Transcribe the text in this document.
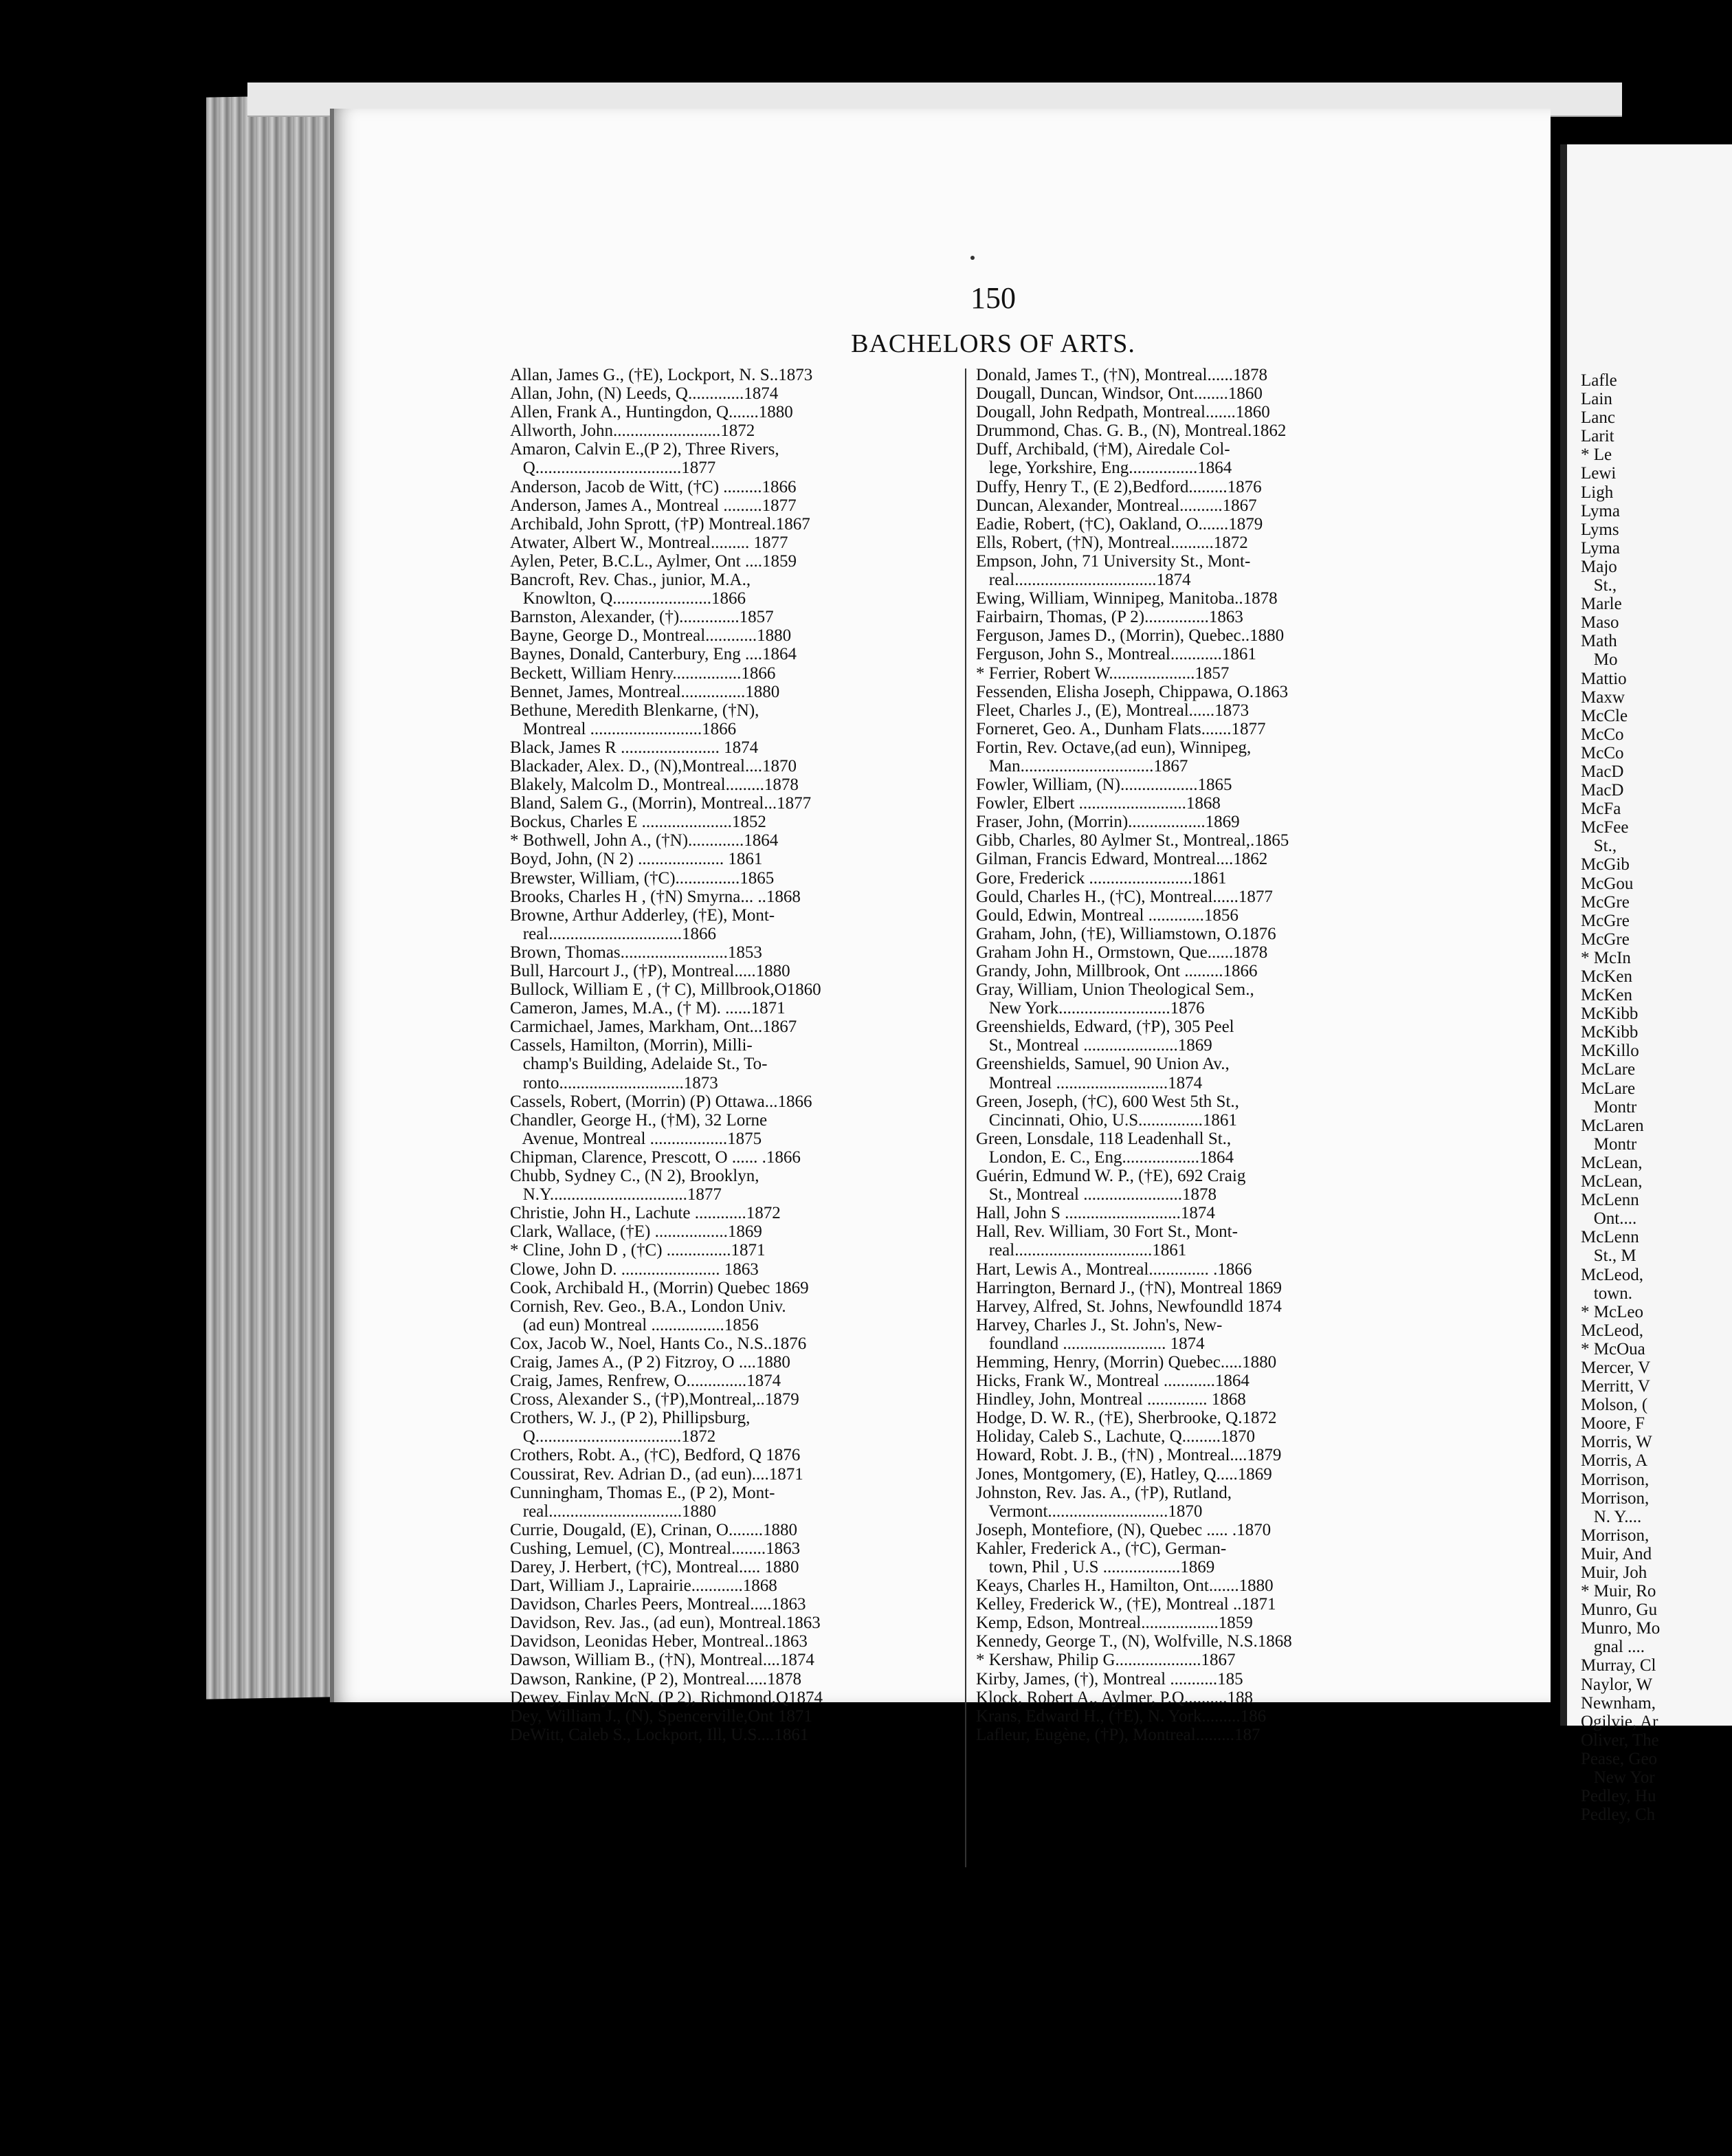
150
BACHELORS OF ARTS.
Allan, James G., (†E), Lockport, N. S..1873
Allan, John, (N) Leeds, Q.............1874
Allen, Frank A., Huntingdon, Q.......1880
Allworth, John.........................1872
Amaron, Calvin E.,(P 2), Three Rivers,
Q..................................1877
Anderson, Jacob de Witt, (†C) .........1866
Anderson, James A., Montreal .........1877
Archibald, John Sprott, (†P) Montreal.1867
Atwater, Albert W., Montreal......... 1877
Aylen, Peter, B.C.L., Aylmer, Ont ....1859
Bancroft, Rev. Chas., junior, M.A.,
Knowlton, Q.......................1866
Barnston, Alexander, (†)..............1857
Bayne, George D., Montreal............1880
Baynes, Donald, Canterbury, Eng ....1864
Beckett, William Henry................1866
Bennet, James, Montreal...............1880
Bethune, Meredith Blenkarne, (†N),
Montreal ..........................1866
Black, James R ....................... 1874
Blackader, Alex. D., (N),Montreal....1870
Blakely, Malcolm D., Montreal.........1878
Bland, Salem G., (Morrin), Montreal...1877
Bockus, Charles E .....................1852
* Bothwell, John A., (†N).............1864
Boyd, John, (N 2) .................... 1861
Brewster, William, (†C)...............1865
Brooks, Charles H , (†N) Smyrna... ..1868
Browne, Arthur Adderley, (†E), Mont-
real...............................1866
Brown, Thomas.........................1853
Bull, Harcourt J., (†P), Montreal.....1880
Bullock, William E , († C), Millbrook,O1860
Cameron, James, M.A., († M). ......1871
Carmichael, James, Markham, Ont...1867
Cassels, Hamilton, (Morrin), Milli-
champ's Building, Adelaide St., To-
ronto.............................1873
Cassels, Robert, (Morrin) (P) Ottawa...1866
Chandler, George H., (†M), 32 Lorne
Avenue, Montreal ..................1875
Chipman, Clarence, Prescott, O ...... .1866
Chubb, Sydney C., (N 2), Brooklyn,
N.Y................................1877
Christie, John H., Lachute ............1872
Clark, Wallace, (†E) .................1869
* Cline, John D , (†C) ...............1871
Clowe, John D. ....................... 1863
Cook, Archibald H., (Morrin) Quebec 1869
Cornish, Rev. Geo., B.A., London Univ.
(ad eun) Montreal .................1856
Cox, Jacob W., Noel, Hants Co., N.S..1876
Craig, James A., (P 2) Fitzroy, O ....1880
Craig, James, Renfrew, O..............1874
Cross, Alexander S., (†P),Montreal,..1879
Crothers, W. J., (P 2), Phillipsburg,
Q..................................1872
Crothers, Robt. A., (†C), Bedford, Q 1876
Coussirat, Rev. Adrian D., (ad eun)....1871
Cunningham, Thomas E., (P 2), Mont-
real...............................1880
Currie, Dougald, (E), Crinan, O........1880
Cushing, Lemuel, (C), Montreal........1863
Darey, J. Herbert, (†C), Montreal..... 1880
Dart, William J., Laprairie............1868
Davidson, Charles Peers, Montreal.....1863
Davidson, Rev. Jas., (ad eun), Montreal.1863
Davidson, Leonidas Heber, Montreal..1863
Dawson, William B., (†N), Montreal....1874
Dawson, Rankine, (P 2), Montreal.....1878
Dewey, Finlay McN, (P 2), Richmond,Q1874
Dey, William J., (N), Spencerville,Ont 1871
DeWitt, Caleb S., Lockport, Ill, U.S....1861
Donald, James T., (†N), Montreal......1878
Dougall, Duncan, Windsor, Ont........1860
Dougall, John Redpath, Montreal.......1860
Drummond, Chas. G. B., (N), Montreal.1862
Duff, Archibald, (†M), Airedale Col-
lege, Yorkshire, Eng................1864
Duffy, Henry T., (E 2),Bedford.........1876
Duncan, Alexander, Montreal..........1867
Eadie, Robert, (†C), Oakland, O.......1879
Ells, Robert, (†N), Montreal..........1872
Empson, John, 71 University St., Mont-
real.................................1874
Ewing, William, Winnipeg, Manitoba..1878
Fairbairn, Thomas, (P 2)...............1863
Ferguson, James D., (Morrin), Quebec..1880
Ferguson, John S., Montreal............1861
* Ferrier, Robert W....................1857
Fessenden, Elisha Joseph, Chippawa, O.1863
Fleet, Charles J., (E), Montreal......1873
Forneret, Geo. A., Dunham Flats.......1877
Fortin, Rev. Octave,(ad eun), Winnipeg,
Man...............................1867
Fowler, William, (N)..................1865
Fowler, Elbert .........................1868
Fraser, John, (Morrin)..................1869
Gibb, Charles, 80 Aylmer St., Montreal,.1865
Gilman, Francis Edward, Montreal....1862
Gore, Frederick ........................1861
Gould, Charles H., (†C), Montreal......1877
Gould, Edwin, Montreal .............1856
Graham, John, (†E), Williamstown, O.1876
Graham John H., Ormstown, Que......1878
Grandy, John, Millbrook, Ont .........1866
Gray, William, Union Theological Sem.,
New York..........................1876
Greenshields, Edward, (†P), 305 Peel
St., Montreal ......................1869
Greenshields, Samuel, 90 Union Av.,
Montreal ..........................1874
Green, Joseph, (†C), 600 West 5th St.,
Cincinnati, Ohio, U.S...............1861
Green, Lonsdale, 118 Leadenhall St.,
London, E. C., Eng..................1864
Guérin, Edmund W. P., (†E), 692 Craig
St., Montreal .......................1878
Hall, John S ...........................1874
Hall, Rev. William, 30 Fort St., Mont-
real................................1861
Hart, Lewis A., Montreal.............. .1866
Harrington, Bernard J., (†N), Montreal 1869
Harvey, Alfred, St. Johns, Newfoundld 1874
Harvey, Charles J., St. John's, New-
foundland ........................ 1874
Hemming, Henry, (Morrin) Quebec.....1880
Hicks, Frank W., Montreal ............1864
Hindley, John, Montreal .............. 1868
Hodge, D. W. R., (†E), Sherbrooke, Q.1872
Holiday, Caleb S., Lachute, Q.........1870
Howard, Robt. J. B., (†N) , Montreal....1879
Jones, Montgomery, (E), Hatley, Q.....1869
Johnston, Rev. Jas. A., (†P), Rutland,
Vermont............................1870
Joseph, Montefiore, (N), Quebec ..... .1870
Kahler, Frederick A., (†C), German-
town, Phil , U.S ..................1869
Keays, Charles H., Hamilton, Ont.......1880
Kelley, Frederick W., (†E), Montreal ..1871
Kemp, Edson, Montreal..................1859
Kennedy, George T., (N), Wolfville, N.S.1868
* Kershaw, Philip G....................1867
Kirby, James, (†), Montreal ...........185
Klock, Robert A., Aylmer, P.Q..........188
Krans, Edward H., (†E), N. York.........186
Lafleur, Eugène, (†P), Montreal.........187
Lafle
Lain
Lanc
Larit
* Le
Lewi
Ligh
Lyma
Lyms
Lyma
Majo
St.,
Marle
Maso
Math
Mo
Mattio
Maxw
McCle
McCo
McCo
MacD
MacD
McFa
McFee
St.,
McGib
McGou
McGre
McGre
McGre
* McIn
McKen
McKen
McKibb
McKibb
McKillo
McLare
McLare
Montr
McLaren
Montr
McLean,
McLean,
McLenn
Ont....
McLenn
St., M
McLeod,
town.
* McLeo
McLeod,
* McOua
Mercer, V
Merritt, V
Molson, (
Moore, F
Morris, W
Morris, A
Morrison,
Morrison,
N. Y....
Morrison,
Muir, And
Muir, Joh
* Muir, Ro
Munro, Gu
Munro, Mo
gnal ....
Murray, Cl
Naylor, W
Newnham,
Ogilvie, Ar
Oliver, The
Pease, Geo
New Yor
Pedley, Hu
Pedley, Ch
